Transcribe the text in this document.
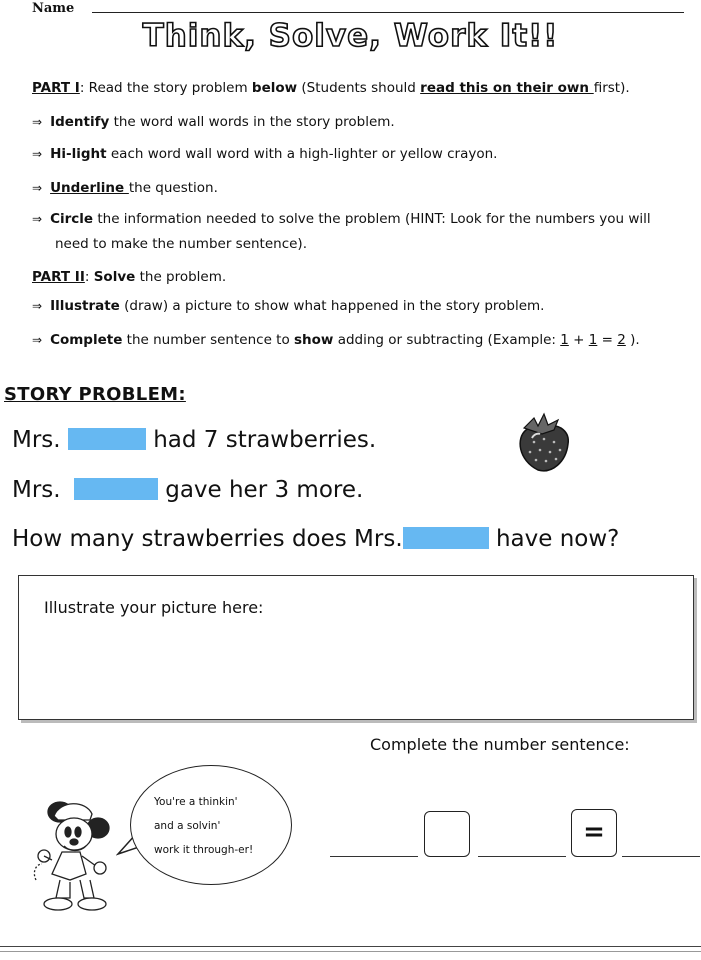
Name
Think, Solve, Work It!!
PART I: Read the story problem below (Students should read this on their own first).
⇒ Identify the word wall words in the story problem.
⇒ Hi-light each word wall word with a high-lighter or yellow crayon.
⇒ Underline the question.
⇒ Circle the information needed to solve the problem (HINT: Look for the numbers you will
need to make the number sentence).
PART II: Solve the problem.
⇒ Illustrate (draw) a picture to show what happened in the story problem.
⇒ Complete the number sentence to show adding or subtracting (Example: 1 + 1 = 2 ).
STORY PROBLEM:
Mrs.	had 7 strawberries.
Mrs.	gave her 3 more.
How many strawberries does Mrs.	have now?
Illustrate your picture here:
Complete the number sentence:
=
You're a thinkin'
and a solvin'
work it through-er!
